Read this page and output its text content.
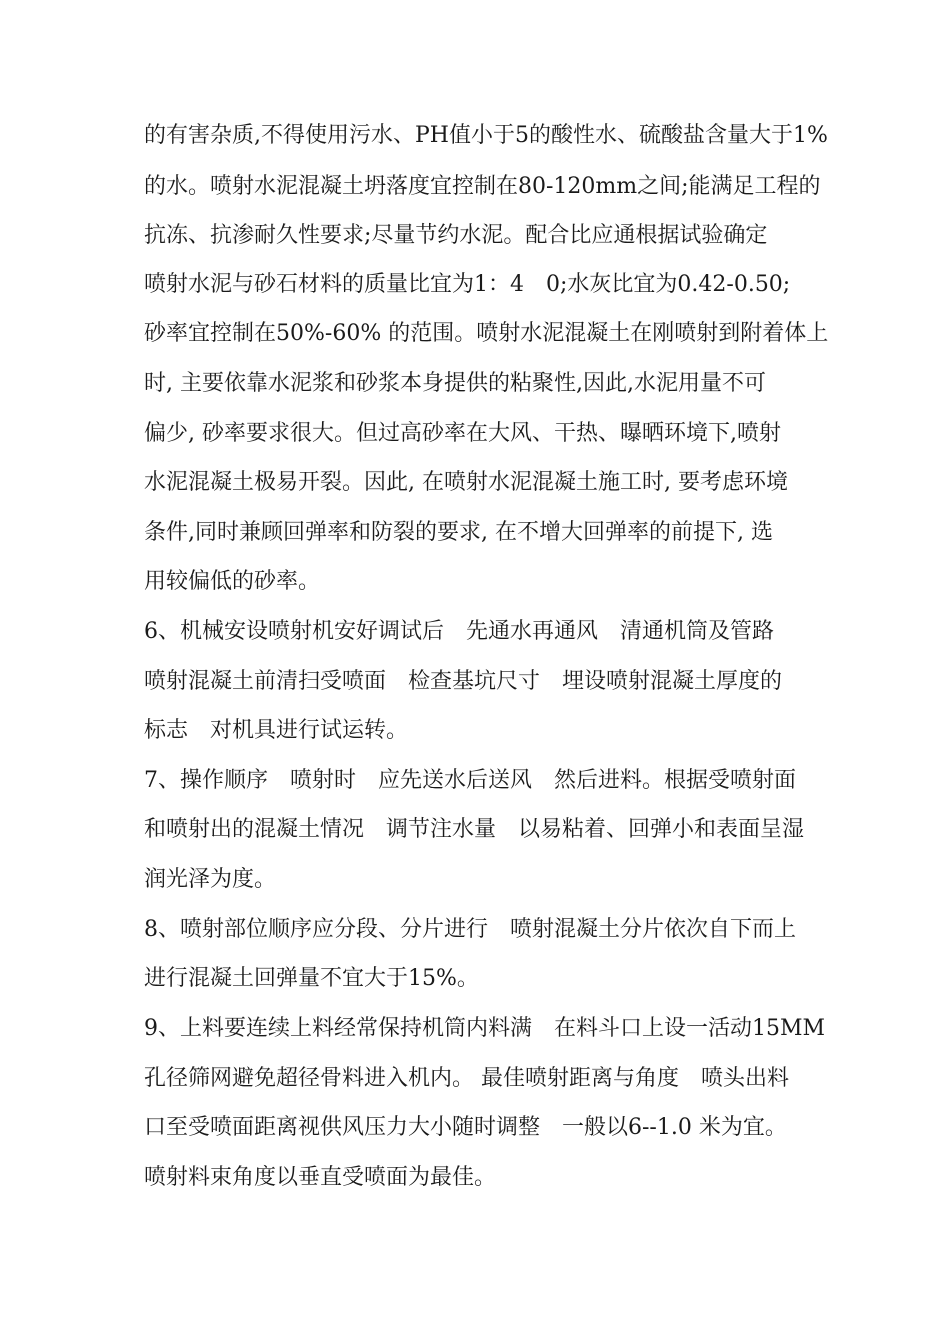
的有害杂质,不得使用污水、PH值小于5的酸性水、硫酸盐含量大于1%
的水。喷射水泥混凝土坍落度宜控制在80-120mm之间;能满足工程的
抗冻、抗渗耐久性要求;尽量节约水泥。配合比应通根据试验确定
喷射水泥与砂石材料的质量比宜为1：4　0;水灰比宜为0.42-0.50;
砂率宜控制在50%-60% 的范围。喷射水泥混凝土在刚喷射到附着体上
时, 主要依靠水泥浆和砂浆本身提供的粘聚性,因此,水泥用量不可
偏少, 砂率要求很大。但过高砂率在大风、干热、曝晒环境下,喷射
水泥混凝土极易开裂。因此, 在喷射水泥混凝土施工时, 要考虑环境
条件,同时兼顾回弹率和防裂的要求, 在不增大回弹率的前提下, 选
用较偏低的砂率。
6、机械安设喷射机安好调试后　先通水再通风　清通机筒及管路
喷射混凝土前清扫受喷面　检查基坑尺寸　埋设喷射混凝土厚度的
标志　对机具进行试运转。
7、操作顺序　喷射时　应先送水后送风　然后进料。根据受喷射面
和喷射出的混凝土情况　调节注水量　以易粘着、回弹小和表面呈湿
润光泽为度。
8、喷射部位顺序应分段、分片进行　喷射混凝土分片依次自下而上
进行混凝土回弹量不宜大于15%。
9、上料要连续上料经常保持机筒内料满　在料斗口上设一活动15MM
孔径筛网避免超径骨料进入机内。 最佳喷射距离与角度　喷头出料
口至受喷面距离视供风压力大小随时调整　一般以6--1.0 米为宜。
喷射料束角度以垂直受喷面为最佳。
